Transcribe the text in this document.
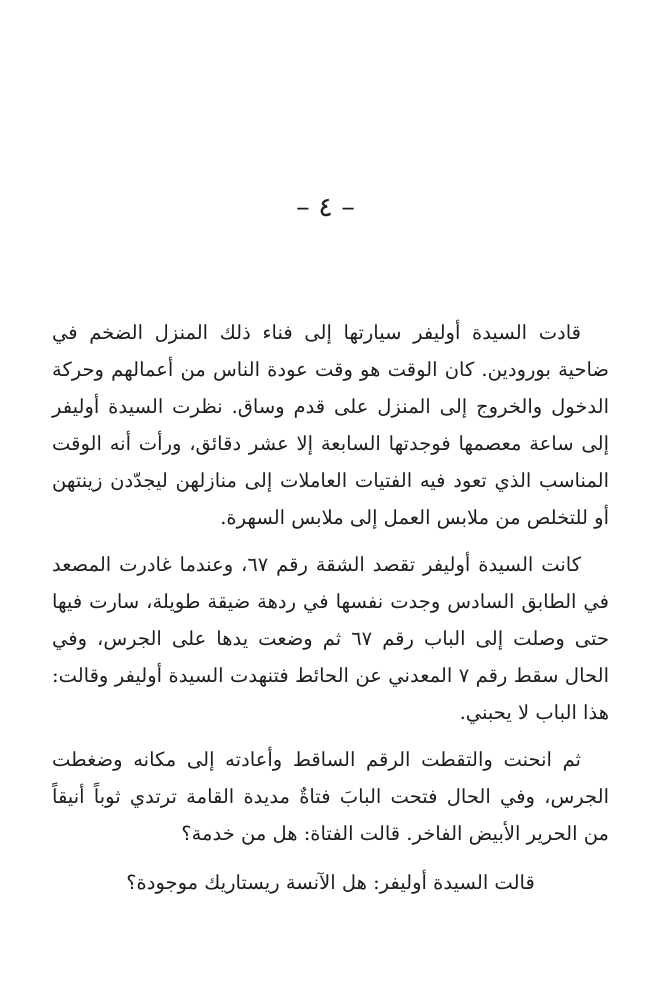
– ٤ –

قادت السيدة أوليفر سيارتها إلى فناء ذلك المنزل الضخم في ضاحية بورودين. كان الوقت هو وقت عودة الناس من أعمالهم وحركة الدخول والخروج إلى المنزل على قدم وساق. نظرت السيدة أوليفر إلى ساعة معصمها فوجدتها السابعة إلا عشر دقائق، ورأت أنه الوقت المناسب الذي تعود فيه الفتيات العاملات إلى منازلهن ليجدّدن زينتهن أو للتخلص من ملابس العمل إلى ملابس السهرة.

كانت السيدة أوليفر تقصد الشقة رقم ٦٧، وعندما غادرت المصعد في الطابق السادس وجدت نفسها في ردهة ضيقة طويلة، سارت فيها حتى وصلت إلى الباب رقم ٦٧ ثم وضعت يدها على الجرس، وفي الحال سقط رقم ٧ المعدني عن الحائط فتنهدت السيدة أوليفر وقالت: هذا الباب لا يحبني.

ثم انحنت والتقطت الرقم الساقط وأعادته إلى مكانه وضغطت الجرس، وفي الحال فتحت البابَ فتاةٌ مديدة القامة ترتدي ثوباً أنيقاً من الحرير الأبيض الفاخر. قالت الفتاة: هل من خدمة؟

قالت السيدة أوليفر: هل الآنسة ريستاريك موجودة؟
